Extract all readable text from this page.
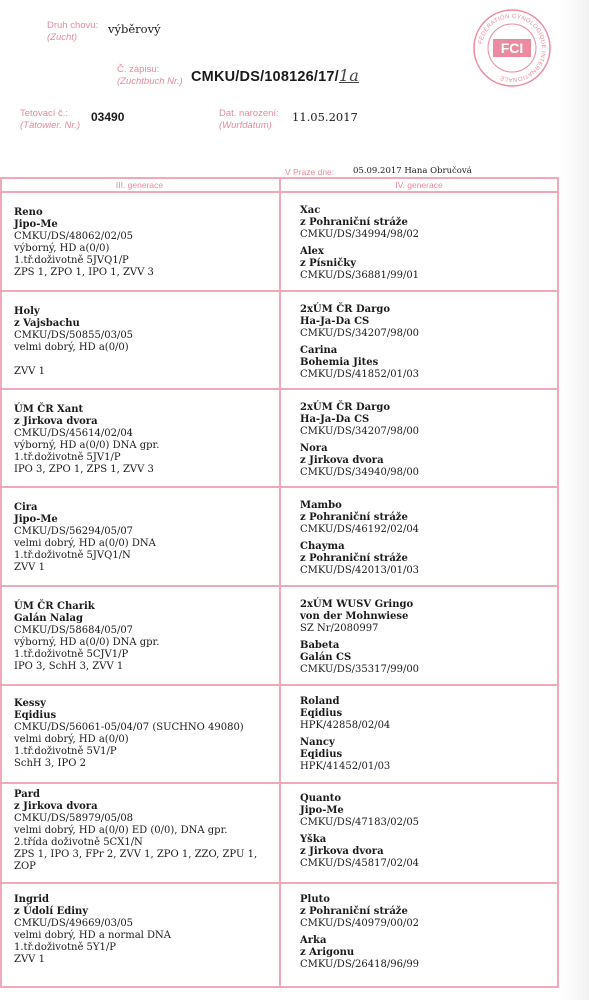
Druh chovu:
(Zucht)
výběrový
Č. zápisu:
(Zuchtbuch Nr.) CMKU/DS/108126/17/1a
Tetovací č.:
(Tätowier. Nr.)
03490	Dat. narození:
(Wurfdatum)
11.05.2017
V Praze dne: 05.09.2017 Hana Obručová
FÉDÉRATION CYNOLOGIQUE INTERNATIONALE
FCI
III. generace	IV. generace
Reno
Jipo-Me
CMKU/DS/48062/02/05
výborný, HD a(0/0)
1.tř.doživotně 5JVQ1/P
ZPS 1, ZPO 1, IPO 1, ZVV 3
Xac
z Pohraniční stráže
CMKU/DS/34994/98/02
Alex
z Písničky
CMKU/DS/36881/99/01
Holy
z Vajsbachu
CMKU/DS/50855/03/05
velmi dobrý, HD a(0/0)
ZVV 1
2xÚM ČR Dargo
Ha-Ja-Da CS
CMKU/DS/34207/98/00
Carina
Bohemia Jites
CMKU/DS/41852/01/03
ÚM ČR Xant
z Jirkova dvora
CMKU/DS/45614/02/04
výborný, HD a(0/0) DNA gpr.
1.tř.doživotně 5JV1/P
IPO 3, ZPO 1, ZPS 1, ZVV 3
2xÚM ČR Dargo
Ha-Ja-Da CS
CMKU/DS/34207/98/00
Nora
z Jirkova dvora
CMKU/DS/34940/98/00
Cira
Jipo-Me
CMKU/DS/56294/05/07
velmi dobrý, HD a(0/0) DNA
1.tř.doživotně 5JVQ1/N
ZVV 1
Mambo
z Pohraniční stráže
CMKU/DS/46192/02/04
Chayma
z Pohraniční stráže
CMKU/DS/42013/01/03
ÚM ČR Charik
Galán Nalag
CMKU/DS/58684/05/07
výborný, HD a(0/0) DNA gpr.
1.tř.doživotně 5CJV1/P
IPO 3, SchH 3, ZVV 1
2xÚM WUSV Gringo
von der Mohnwiese
SZ Nr/2080997
Babeta
Galán CS
CMKU/DS/35317/99/00
Kessy
Eqidius
CMKU/DS/56061-05/04/07 (SUCHNO 49080)
velmi dobrý, HD a(0/0)
1.tř.doživotně 5V1/P
SchH 3, IPO 2
Roland
Eqidius
HPK/42858/02/04
Nancy
Eqidius
HPK/41452/01/03
Pard
z Jirkova dvora
CMKU/DS/58979/05/08
velmi dobrý, HD a(0/0) ED (0/0), DNA gpr.
2.třída doživotně 5CX1/N
ZPS 1, IPO 3, FPr 2, ZVV 1, ZPO 1, ZZO, ZPU 1,
ZOP
Quanto
Jipo-Me
CMKU/DS/47183/02/05
Yška
z Jirkova dvora
CMKU/DS/45817/02/04
Ingrid
z Údolí Ediny
CMKU/DS/49669/03/05
velmi dobrý, HD a normal DNA
1.tř.doživotně 5Y1/P
ZVV 1
Pluto
z Pohraniční stráže
CMKU/DS/40979/00/02
Arka
z Arigonu
CMKU/DS/26418/96/99
